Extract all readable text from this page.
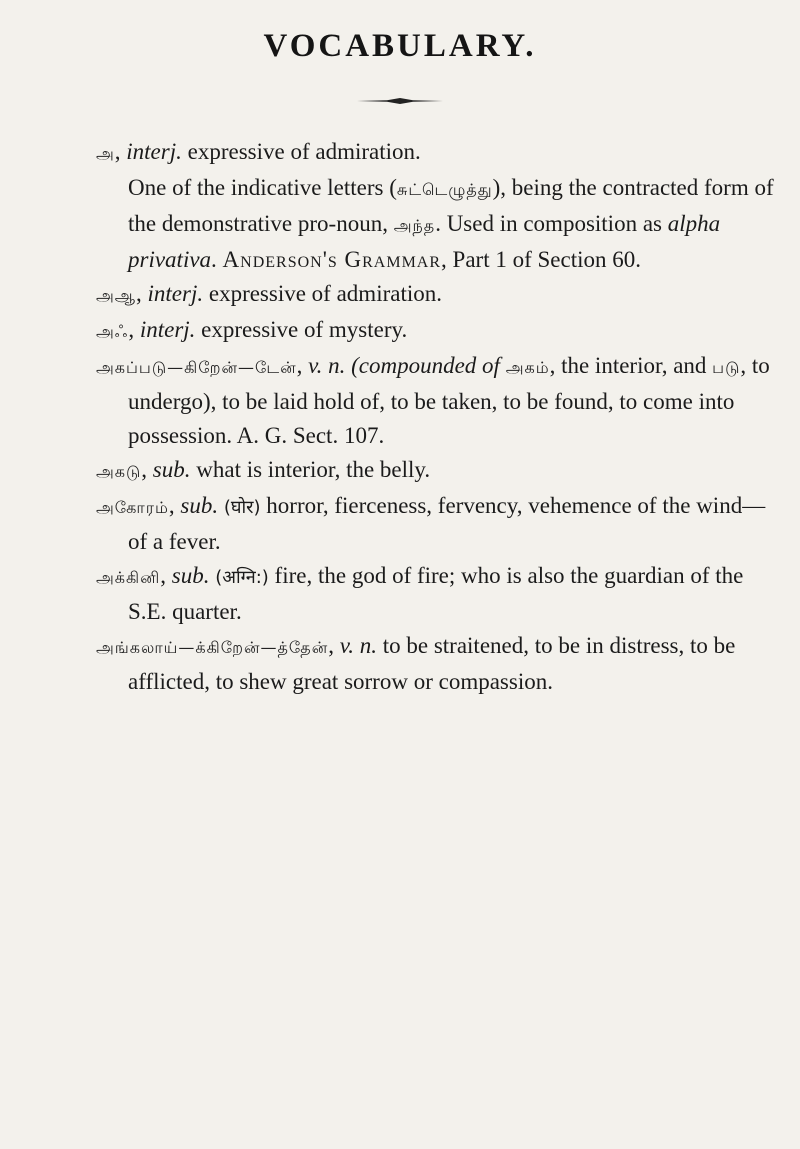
VOCABULARY.

அ, interj. expressive of admiration.

One of the indicative letters (சுட்டெழுத்து), being the contracted form of the demonstrative pro-noun, அந்த. Used in composition as alpha privativa. Anderson's Grammar, Part 1 of Section 60.

அஆ, interj. expressive of admiration.

அஃ, interj. expressive of mystery.

அகப்படு—கிறேன்—டேன், v. n. (compounded of அகம், the interior, and படு, to undergo), to be laid hold of, to be taken, to be found, to come into possession. A. G. Sect. 107.

அகடு, sub. what is interior, the belly.

அகோரம், sub. (घोर) horror, fierceness, fervency, vehemence of the wind—of a fever.

அக்கினி, sub. (अग्नि:) fire, the god of fire; who is also the guardian of the S.E. quarter.

அங்கலாய்—க்கிறேன்—த்தேன், v. n. to be straitened, to be in distress, to be afflicted, to shew great sorrow or compassion.
